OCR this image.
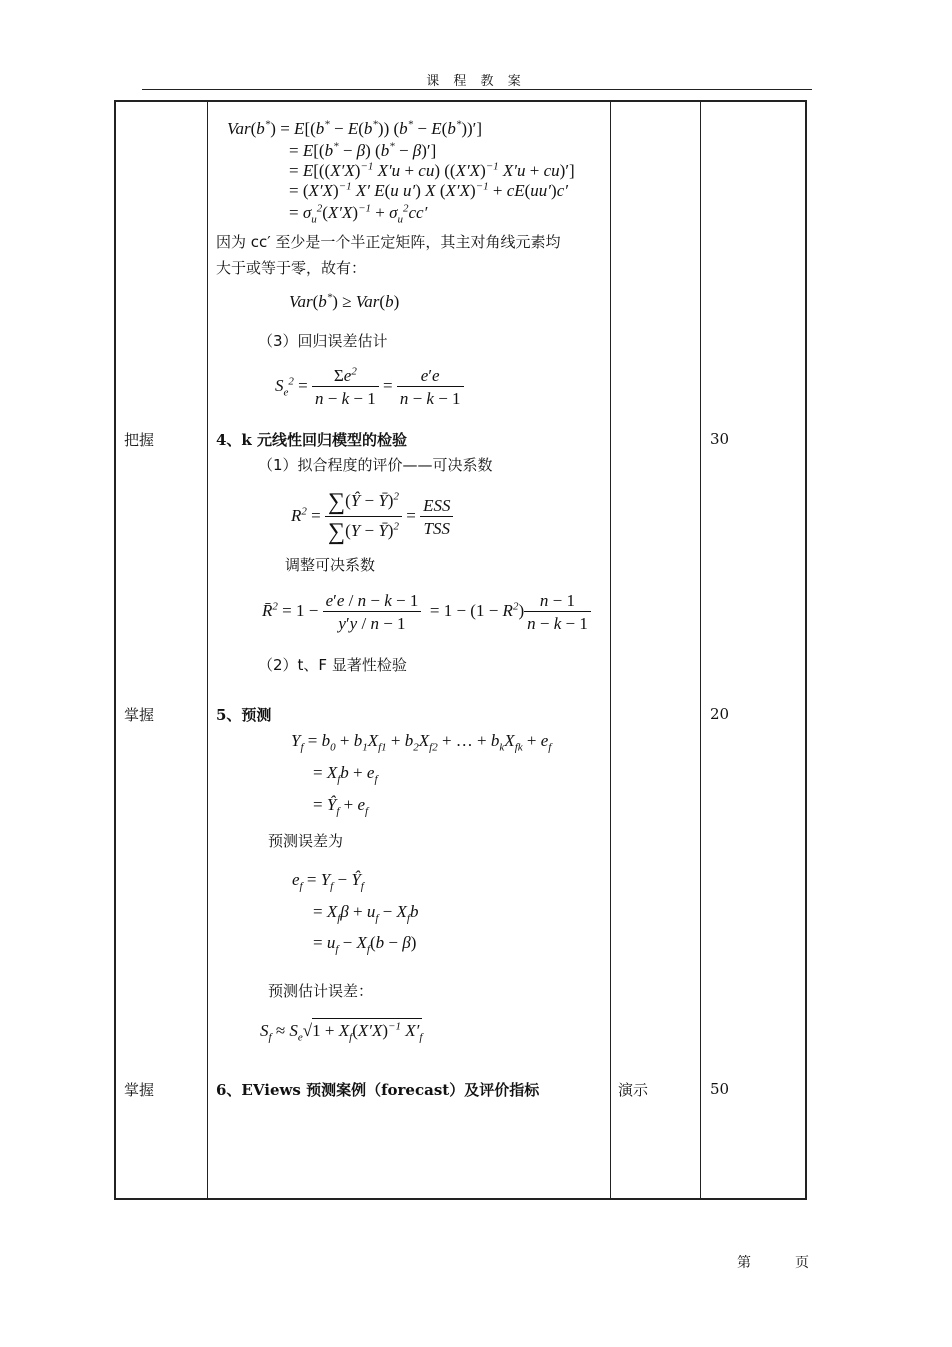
课 程 教 案
把握
掌握
掌握	演示
30
20
50
Var(b*) = E[(b* − E(b*)) (b* − E(b*))′]
= E[(b* − β) (b* − β)′]
= $E[((X'X)^{-1}$ X′u + cu) ($(X'X)^{-1}$ X′u + cu)′]
= $(X'X)^{-1}$ X′ E(u u′) X $(X'X)^{-1} + cE(uu')c'$
= $\sigma_u^2(X'X)^{-1} + \sigma_u^2cc'$
因为 cc′ 至少是一个半正定矩阵，其主对角线元素均
大于或等于零，故有：
Var(b*) ≥ Var(b)
（3）回归误差估计
$S_e^2 = \frac{\Sigma e^2}{n - k - 1} = \frac{e'e}{n - k - 1}$
4、k 元线性回归模型的检验
（1）拟合程度的评价——可决系数
$R^2 = \frac{\sum(Ŷ - Ȳ)^2}{\sum(Y - Ȳ)^2} = \frac{\text{ESS}}{\text{TSS}}$
调整可决系数
R̄$^2$ = $1 - \frac{e'e / n - k - 1}{y'y / n - 1} = 1 - (1 - R^2) \frac{n - 1}{n - k - 1}$
（2）t、F 显著性检验
5、预测
$Y_f = b_0 + b_1X_{f1} + b_2X_{f2}$ + … + $b_kX_{fk} + e_f$
= $X_fb + e_f$
= $Ŷ_f + e_f$
预测误差为
$e_f = Y_f$ − $Ŷ_f$
= $X_f\beta + u_f - X_fb$
= $u_f - X_f(b - \beta)$
预测估计误差：
$S_f \approx S_e√1 + X_f(X'X)^{-1}$ $X'_f$
6、EViews 预测案例（forecast）及评价指标
第	页
